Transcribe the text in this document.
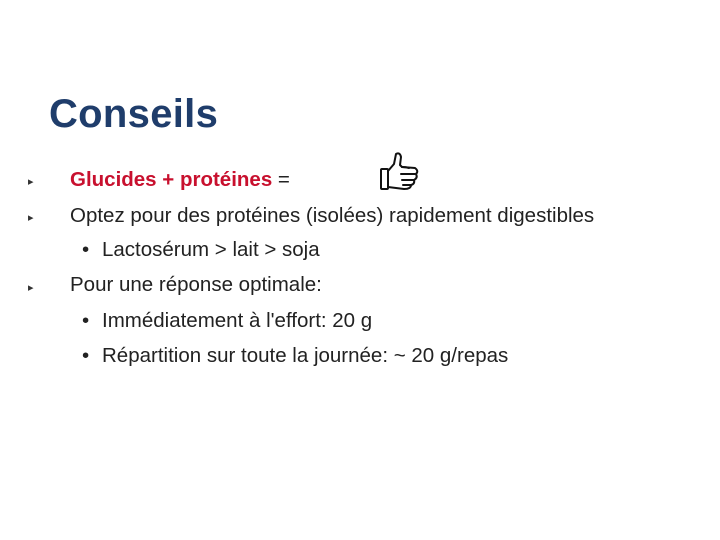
Conseils
▸ Glucides + protéines =
▸ Optez pour des protéines (isolées) rapidement digestibles
• Lactosérum > lait > soja
▸ Pour une réponse optimale:
• Immédiatement à l'effort: 20 g
• Répartition sur toute la journée: ~ 20 g/repas
